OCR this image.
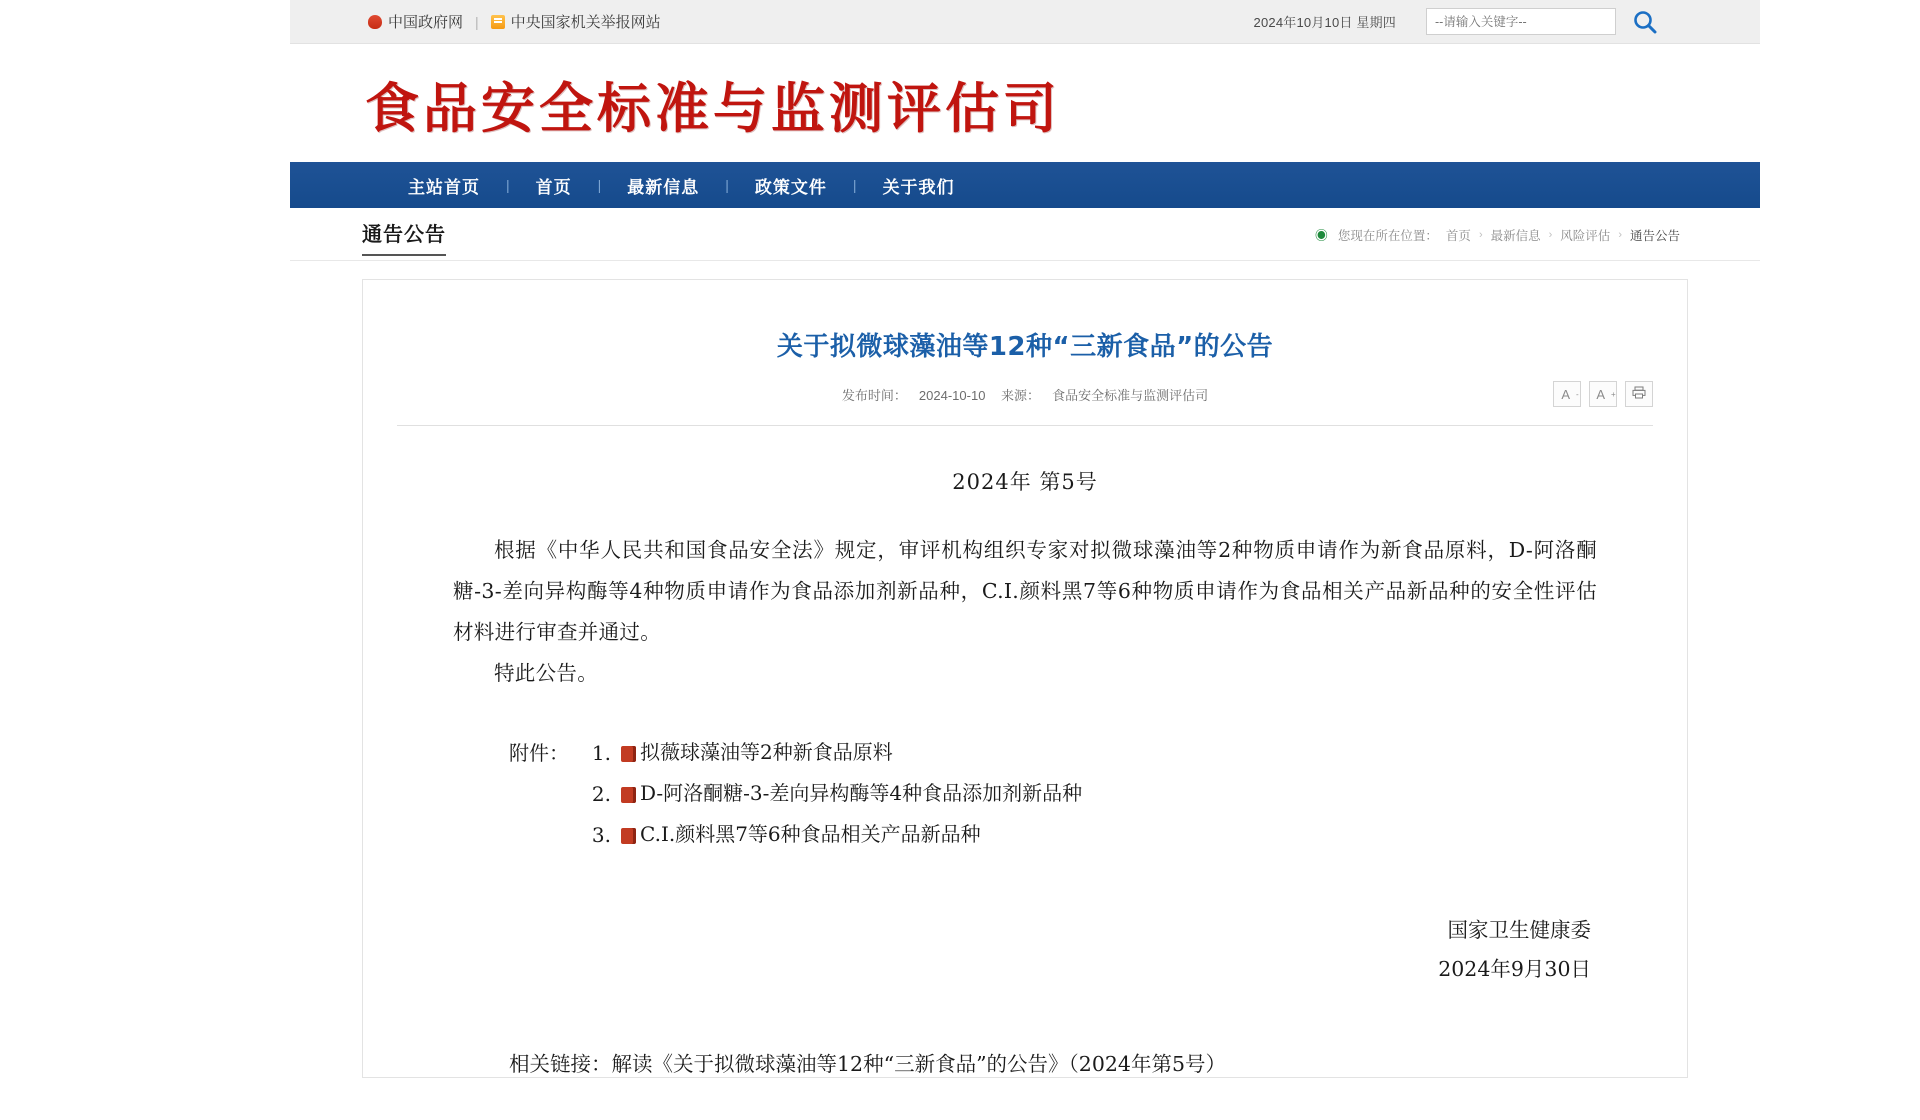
中国政府网 | 中央国家机关举报网站	2024年10月10日 星期四
--请输入关键字--
食品安全标准与监测评估司
主站首页	|	首页	|	最新信息	|	政策文件	|	关于我们
通告公告	◉ 您现在所在位置： 首页 › 最新信息 › 风险评估 › 通告公告
关于拟微球藻油等12种“三新食品”的公告
发布时间： 2024-10-10 来源： 食品安全标准与监测评估司	A - A +
2024年 第5号
根据《中华人民共和国食品安全法》规定，审评机构组织专家对拟微球藻油等2种物质申请作为新食品原料，D-阿洛酮糖-3-差向异构酶等4种物质申请作为食品添加剂新品种，C.I.颜料黑7等6种物质申请作为食品相关产品新品种的安全性评估材料进行审查并通过。
特此公告。
附件：	1. 拟薇球藻油等2种新食品原料
2. D-阿洛酮糖-3-差向异构酶等4种食品添加剂新品种
3. C.I.颜料黑7等6种食品相关产品新品种
国家卫生健康委
2024年9月30日
相关链接：解读《关于拟微球藻油等12种“三新食品”的公告》（2024年第5号）
